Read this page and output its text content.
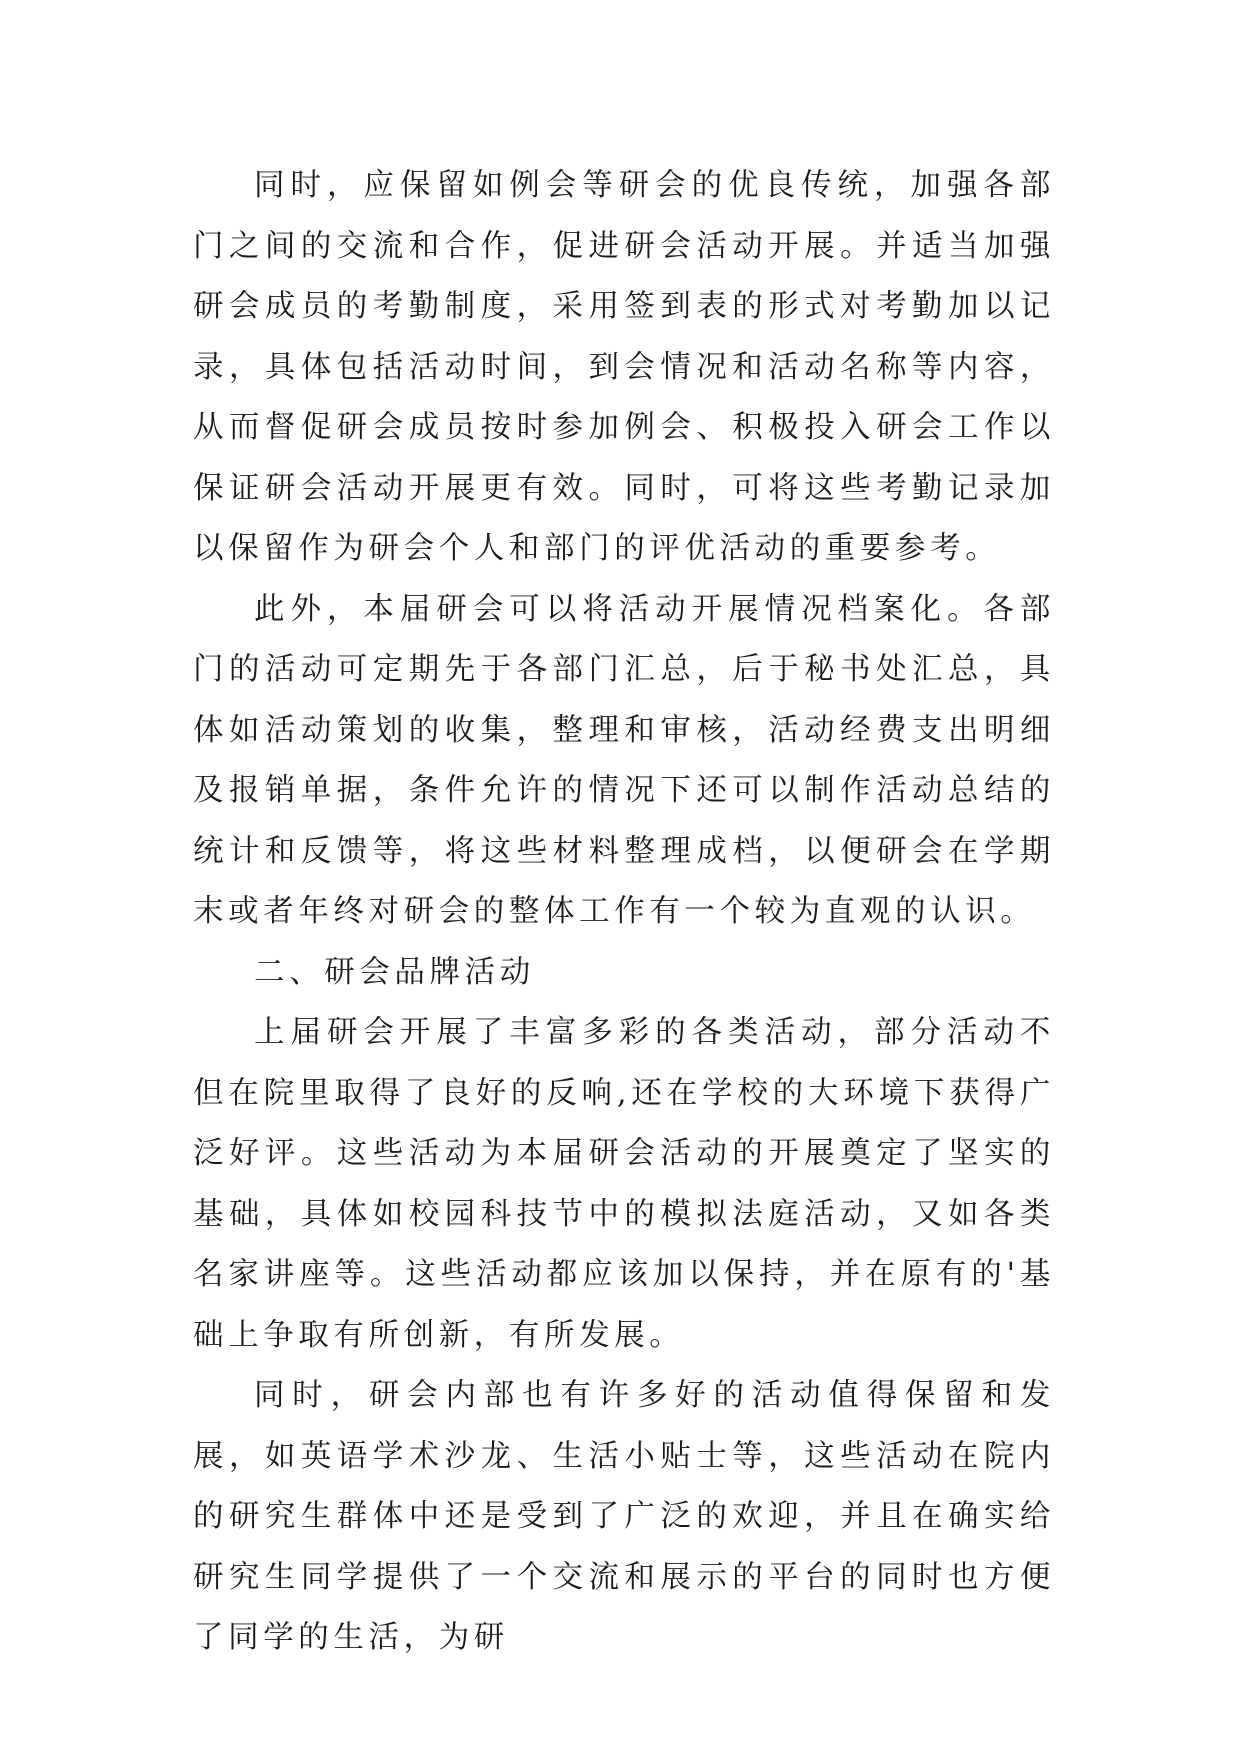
同时，应保留如例会等研会的优良传统，加强各部门之间的交流和合作，促进研会活动开展。并适当加强研会成员的考勤制度，采用签到表的形式对考勤加以记录，具体包括活动时间，到会情况和活动名称等内容，从而督促研会成员按时参加例会、积极投入研会工作以保证研会活动开展更有效。同时，可将这些考勤记录加以保留作为研会个人和部门的评优活动的重要参考。

此外，本届研会可以将活动开展情况档案化。各部门的活动可定期先于各部门汇总，后于秘书处汇总，具体如活动策划的收集，整理和审核，活动经费支出明细及报销单据，条件允许的情况下还可以制作活动总结的统计和反馈等，将这些材料整理成档，以便研会在学期末或者年终对研会的整体工作有一个较为直观的认识。

二、研会品牌活动

上届研会开展了丰富多彩的各类活动，部分活动不但在院里取得了良好的反响,还在学校的大环境下获得广泛好评。这些活动为本届研会活动的开展奠定了坚实的基础，具体如校园科技节中的模拟法庭活动，又如各类名家讲座等。这些活动都应该加以保持，并在原有的'基础上争取有所创新，有所发展。

同时，研会内部也有许多好的活动值得保留和发展，如英语学术沙龙、生活小贴士等，这些活动在院内的研究生群体中还是受到了广泛的欢迎，并且在确实给研究生同学提供了一个交流和展示的平台的同时也方便了同学的生活，为研
